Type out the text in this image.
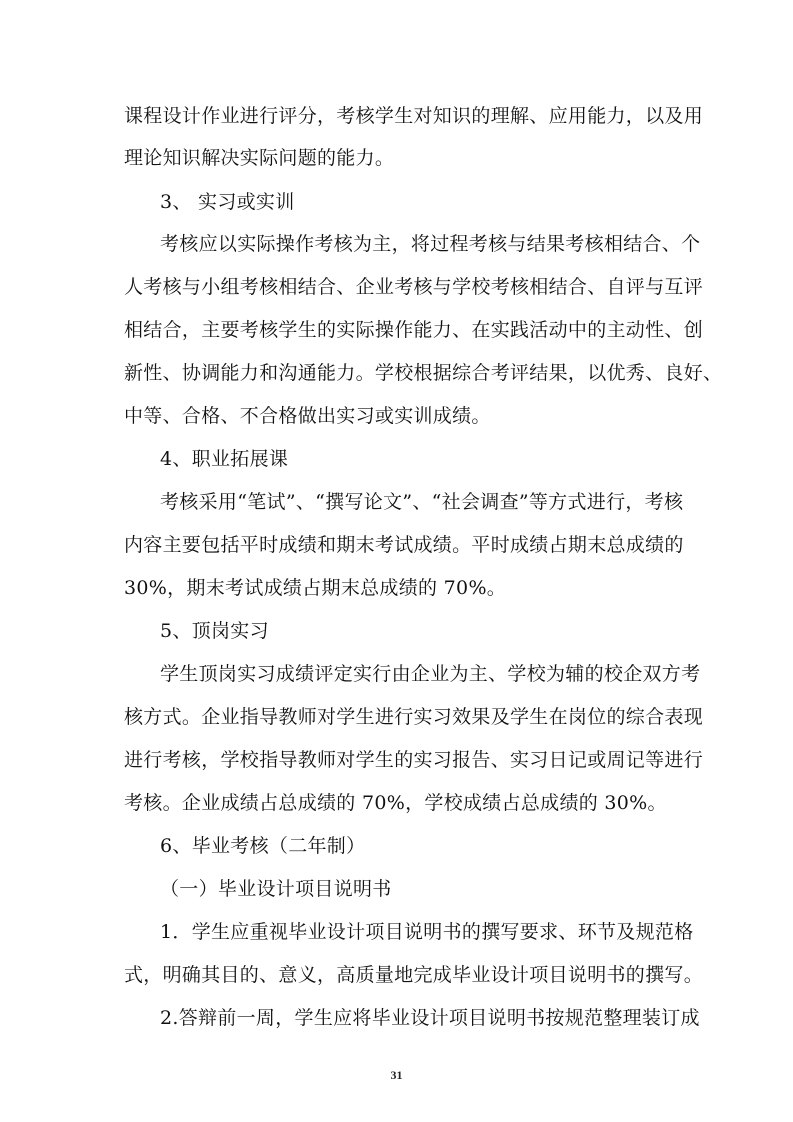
课程设计作业进行评分，考核学生对知识的理解、应用能力，以及用
理论知识解决实际问题的能力。
3、 实习或实训
考核应以实际操作考核为主，将过程考核与结果考核相结合、个
人考核与小组考核相结合、企业考核与学校考核相结合、自评与互评
相结合，主要考核学生的实际操作能力、在实践活动中的主动性、创
新性、协调能力和沟通能力。学校根据综合考评结果，以优秀、良好、
中等、合格、不合格做出实习或实训成绩。
4、职业拓展课
考核采用“笔试”、“撰写论文”、“社会调查”等方式进行，考核
内容主要包括平时成绩和期末考试成绩。平时成绩占期末总成绩的
30%，期末考试成绩占期末总成绩的 70%。
5、顶岗实习
学生顶岗实习成绩评定实行由企业为主、学校为辅的校企双方考
核方式。企业指导教师对学生进行实习效果及学生在岗位的综合表现
进行考核，学校指导教师对学生的实习报告、实习日记或周记等进行
考核。企业成绩占总成绩的 70%，学校成绩占总成绩的 30%。
6、毕业考核（二年制）
（一）毕业设计项目说明书
1．学生应重视毕业设计项目说明书的撰写要求、环节及规范格
式，明确其目的、意义，高质量地完成毕业设计项目说明书的撰写。
2.答辩前一周，学生应将毕业设计项目说明书按规范整理装订成
31
